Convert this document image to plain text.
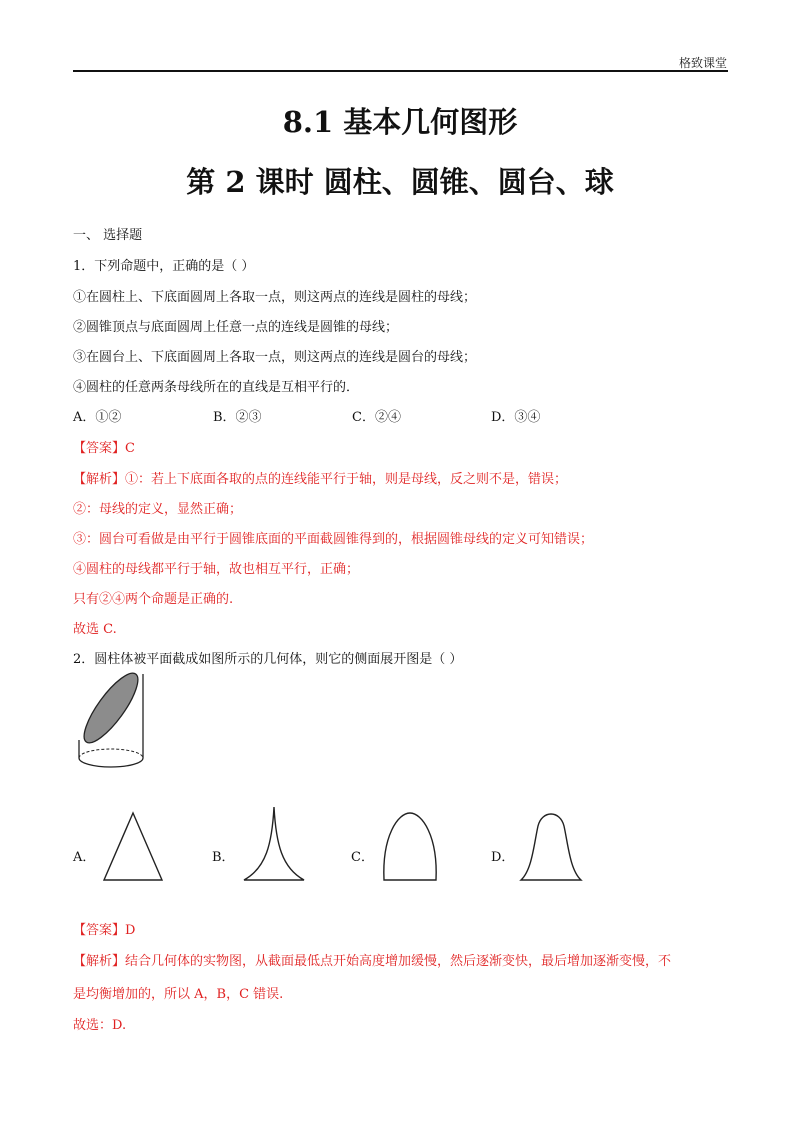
格致课堂
8.1 基本几何图形
第 2 课时 圆柱、圆锥、圆台、球
一、 选择题
1．下列命题中，正确的是（ ）
①在圆柱上、下底面圆周上各取一点，则这两点的连线是圆柱的母线；
②圆锥顶点与底面圆周上任意一点的连线是圆锥的母线；
③在圆台上、下底面圆周上各取一点，则这两点的连线是圆台的母线；
④圆柱的任意两条母线所在的直线是互相平行的．
A．①②	B．②③	C．②④	D．③④
【答案】C
【解析】①：若上下底面各取的点的连线能平行于轴，则是母线，反之则不是，错误；
②：母线的定义，显然正确；
③：圆台可看做是由平行于圆锥底面的平面截圆锥得到的，根据圆锥母线的定义可知错误；
④圆柱的母线都平行于轴，故也相互平行，正确；
只有②④两个命题是正确的.
故选 C.
2．圆柱体被平面截成如图所示的几何体，则它的侧面展开图是（ ）
A．	B．	C．	D．
【答案】D
【解析】结合几何体的实物图，从截面最低点开始高度增加缓慢，然后逐渐变快，最后增加逐渐变慢，不
是均衡增加的，所以 A，B，C 错误.
故选：D.
